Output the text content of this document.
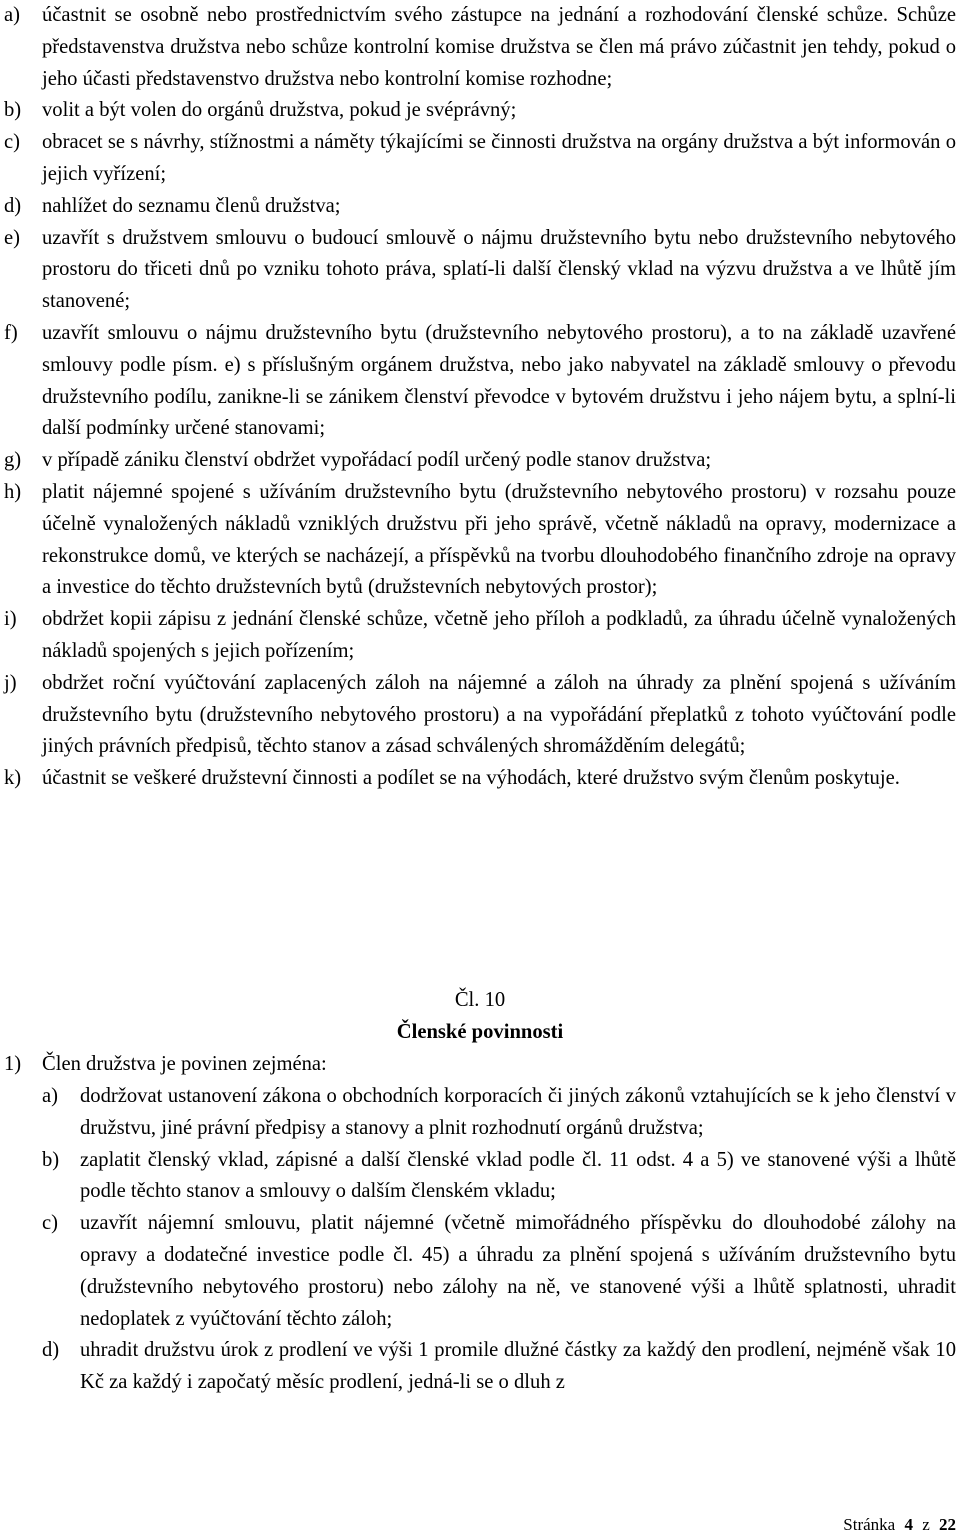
a)	účastnit se osobně nebo prostřednictvím svého zástupce na jednání a rozhodování členské schůze. Schůze představenstva družstva nebo schůze kontrolní komise družstva se člen má právo zúčastnit jen tehdy, pokud o jeho účasti představenstvo družstva nebo kontrolní komise rozhodne;
b)	volit a být volen do orgánů družstva, pokud je svéprávný;
c)	obracet se s návrhy, stížnostmi a náměty týkajícími se činnosti družstva na orgány družstva a být informován o jejich vyřízení;
d)	nahlížet do seznamu členů družstva;
e)	uzavřít s družstvem smlouvu o budoucí smlouvě o nájmu družstevního bytu nebo družstevního nebytového prostoru do třiceti dnů po vzniku tohoto práva, splatí-li další členský vklad na výzvu družstva a ve lhůtě jím stanovené;
f)	uzavřít smlouvu o nájmu družstevního bytu (družstevního nebytového prostoru), a to na základě uzavřené smlouvy podle písm. e) s příslušným orgánem družstva, nebo jako nabyvatel na základě smlouvy o převodu družstevního podílu, zanikne-li se zánikem členství převodce v bytovém družstvu i jeho nájem bytu, a splní-li další podmínky určené stanovami;
g)	v případě zániku členství obdržet vypořádací podíl určený podle stanov družstva;
h)	platit nájemné spojené s užíváním družstevního bytu (družstevního nebytového prostoru) v rozsahu pouze účelně vynaložených nákladů vzniklých družstvu při jeho správě, včetně nákladů na opravy, modernizace a rekonstrukce domů, ve kterých se nacházejí, a příspěvků na tvorbu dlouhodobého finančního zdroje na opravy a investice do těchto družstevních bytů (družstevních nebytových prostor);
i)	obdržet kopii zápisu z jednání členské schůze, včetně jeho příloh a podkladů, za úhradu účelně vynaložených nákladů spojených s jejich pořízením;
j)	obdržet roční vyúčtování zaplacených záloh na nájemné a záloh na úhrady za plnění spojená s užíváním družstevního bytu (družstevního nebytového prostoru) a na vypořádání přeplatků z tohoto vyúčtování podle jiných právních předpisů, těchto stanov a zásad schválených shromážděním delegátů;
k)	účastnit se veškeré družstevní činnosti a podílet se na výhodách, které družstvo svým členům poskytuje.
Čl. 10
Členské povinnosti
1)	Člen družstva je povinen zejména:
a)	dodržovat ustanovení zákona o obchodních korporacích či jiných zákonů vztahujících se k jeho členství v družstvu, jiné právní předpisy a stanovy a plnit rozhodnutí orgánů družstva;
b)	zaplatit členský vklad, zápisné a další členské vklad podle čl. 11 odst. 4 a 5) ve stanovené výši a lhůtě podle těchto stanov a smlouvy o dalším členském vkladu;
c)	uzavřít nájemní smlouvu, platit nájemné (včetně mimořádného příspěvku do dlouhodobé zálohy na opravy a dodatečné investice podle čl. 45) a úhradu za plnění spojená s užíváním družstevního bytu (družstevního nebytového prostoru) nebo zálohy na ně, ve stanovené výši a lhůtě splatnosti, uhradit nedoplatek z vyúčtování těchto záloh;
d)	uhradit družstvu úrok z prodlení ve výši 1 promile dlužné částky za každý den prodlení, nejméně však 10 Kč za každý i započatý měsíc prodlení, jedná-li se o dluh z
Stránka 4 z 22
